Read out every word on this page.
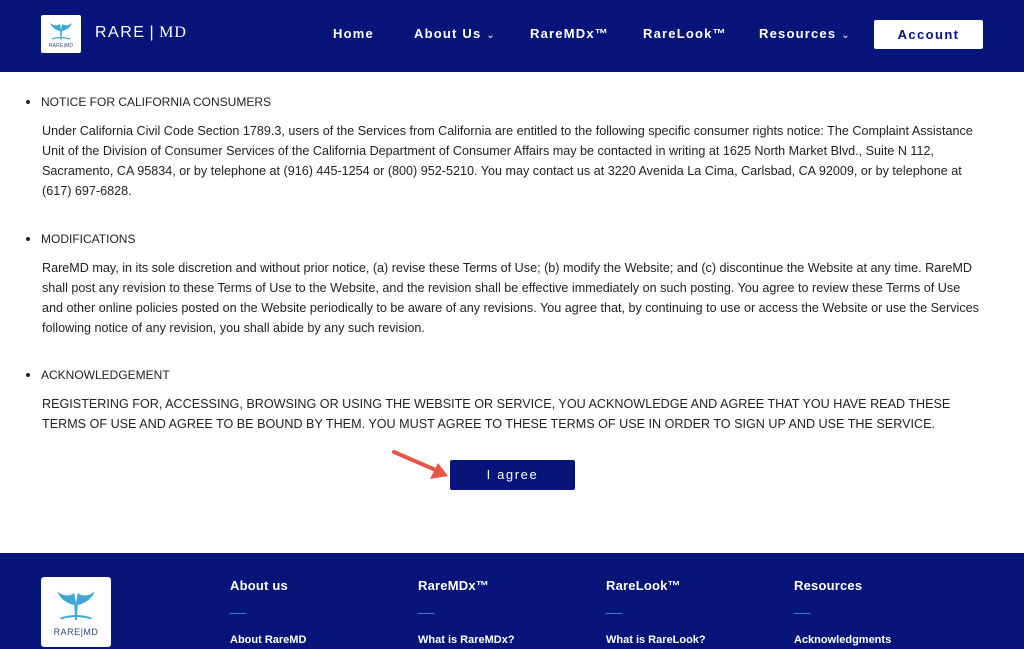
RARE|MD
RARE | MD	Home	About Us ⌄	RareMDx™	RareLook™ Resources ⌄	Account
NOTICE FOR CALIFORNIA CONSUMERS

Under California Civil Code Section 1789.3, users of the Services from California are entitled to the following specific consumer rights notice: The Complaint Assistance Unit of the Division of Consumer Services of the California Department of Consumer Affairs may be contacted in writing at 1625 North Market Blvd., Suite N 112, Sacramento, CA 95834, or by telephone at (916) 445-1254 or (800) 952-5210. You may contact us at 3220 Avenida La Cima, Carlsbad, CA 92009, or by telephone at (617) 697-6828.

MODIFICATIONS

RareMD may, in its sole discretion and without prior notice, (a) revise these Terms of Use; (b) modify the Website; and (c) discontinue the Website at any time. RareMD shall post any revision to these Terms of Use to the Website, and the revision shall be effective immediately on such posting. You agree to review these Terms of Use and other online policies posted on the Website periodically to be aware of any revisions. You agree that, by continuing to use or access the Website or use the Services following notice of any revision, you shall abide by any such revision.

ACKNOWLEDGEMENT

REGISTERING FOR, ACCESSING, BROWSING OR USING THE WEBSITE OR SERVICE, YOU ACKNOWLEDGE AND AGREE THAT YOU HAVE READ THESE TERMS OF USE AND AGREE TO BE BOUND BY THEM. YOU MUST AGREE TO THESE TERMS OF USE IN ORDER TO SIGN UP AND USE THE SERVICE.

I agree
RARE|MD
About us
About RareMD
RareMDx™
What is RareMDx?
RareLook™
What is RareLook?
Resources
Acknowledgments
